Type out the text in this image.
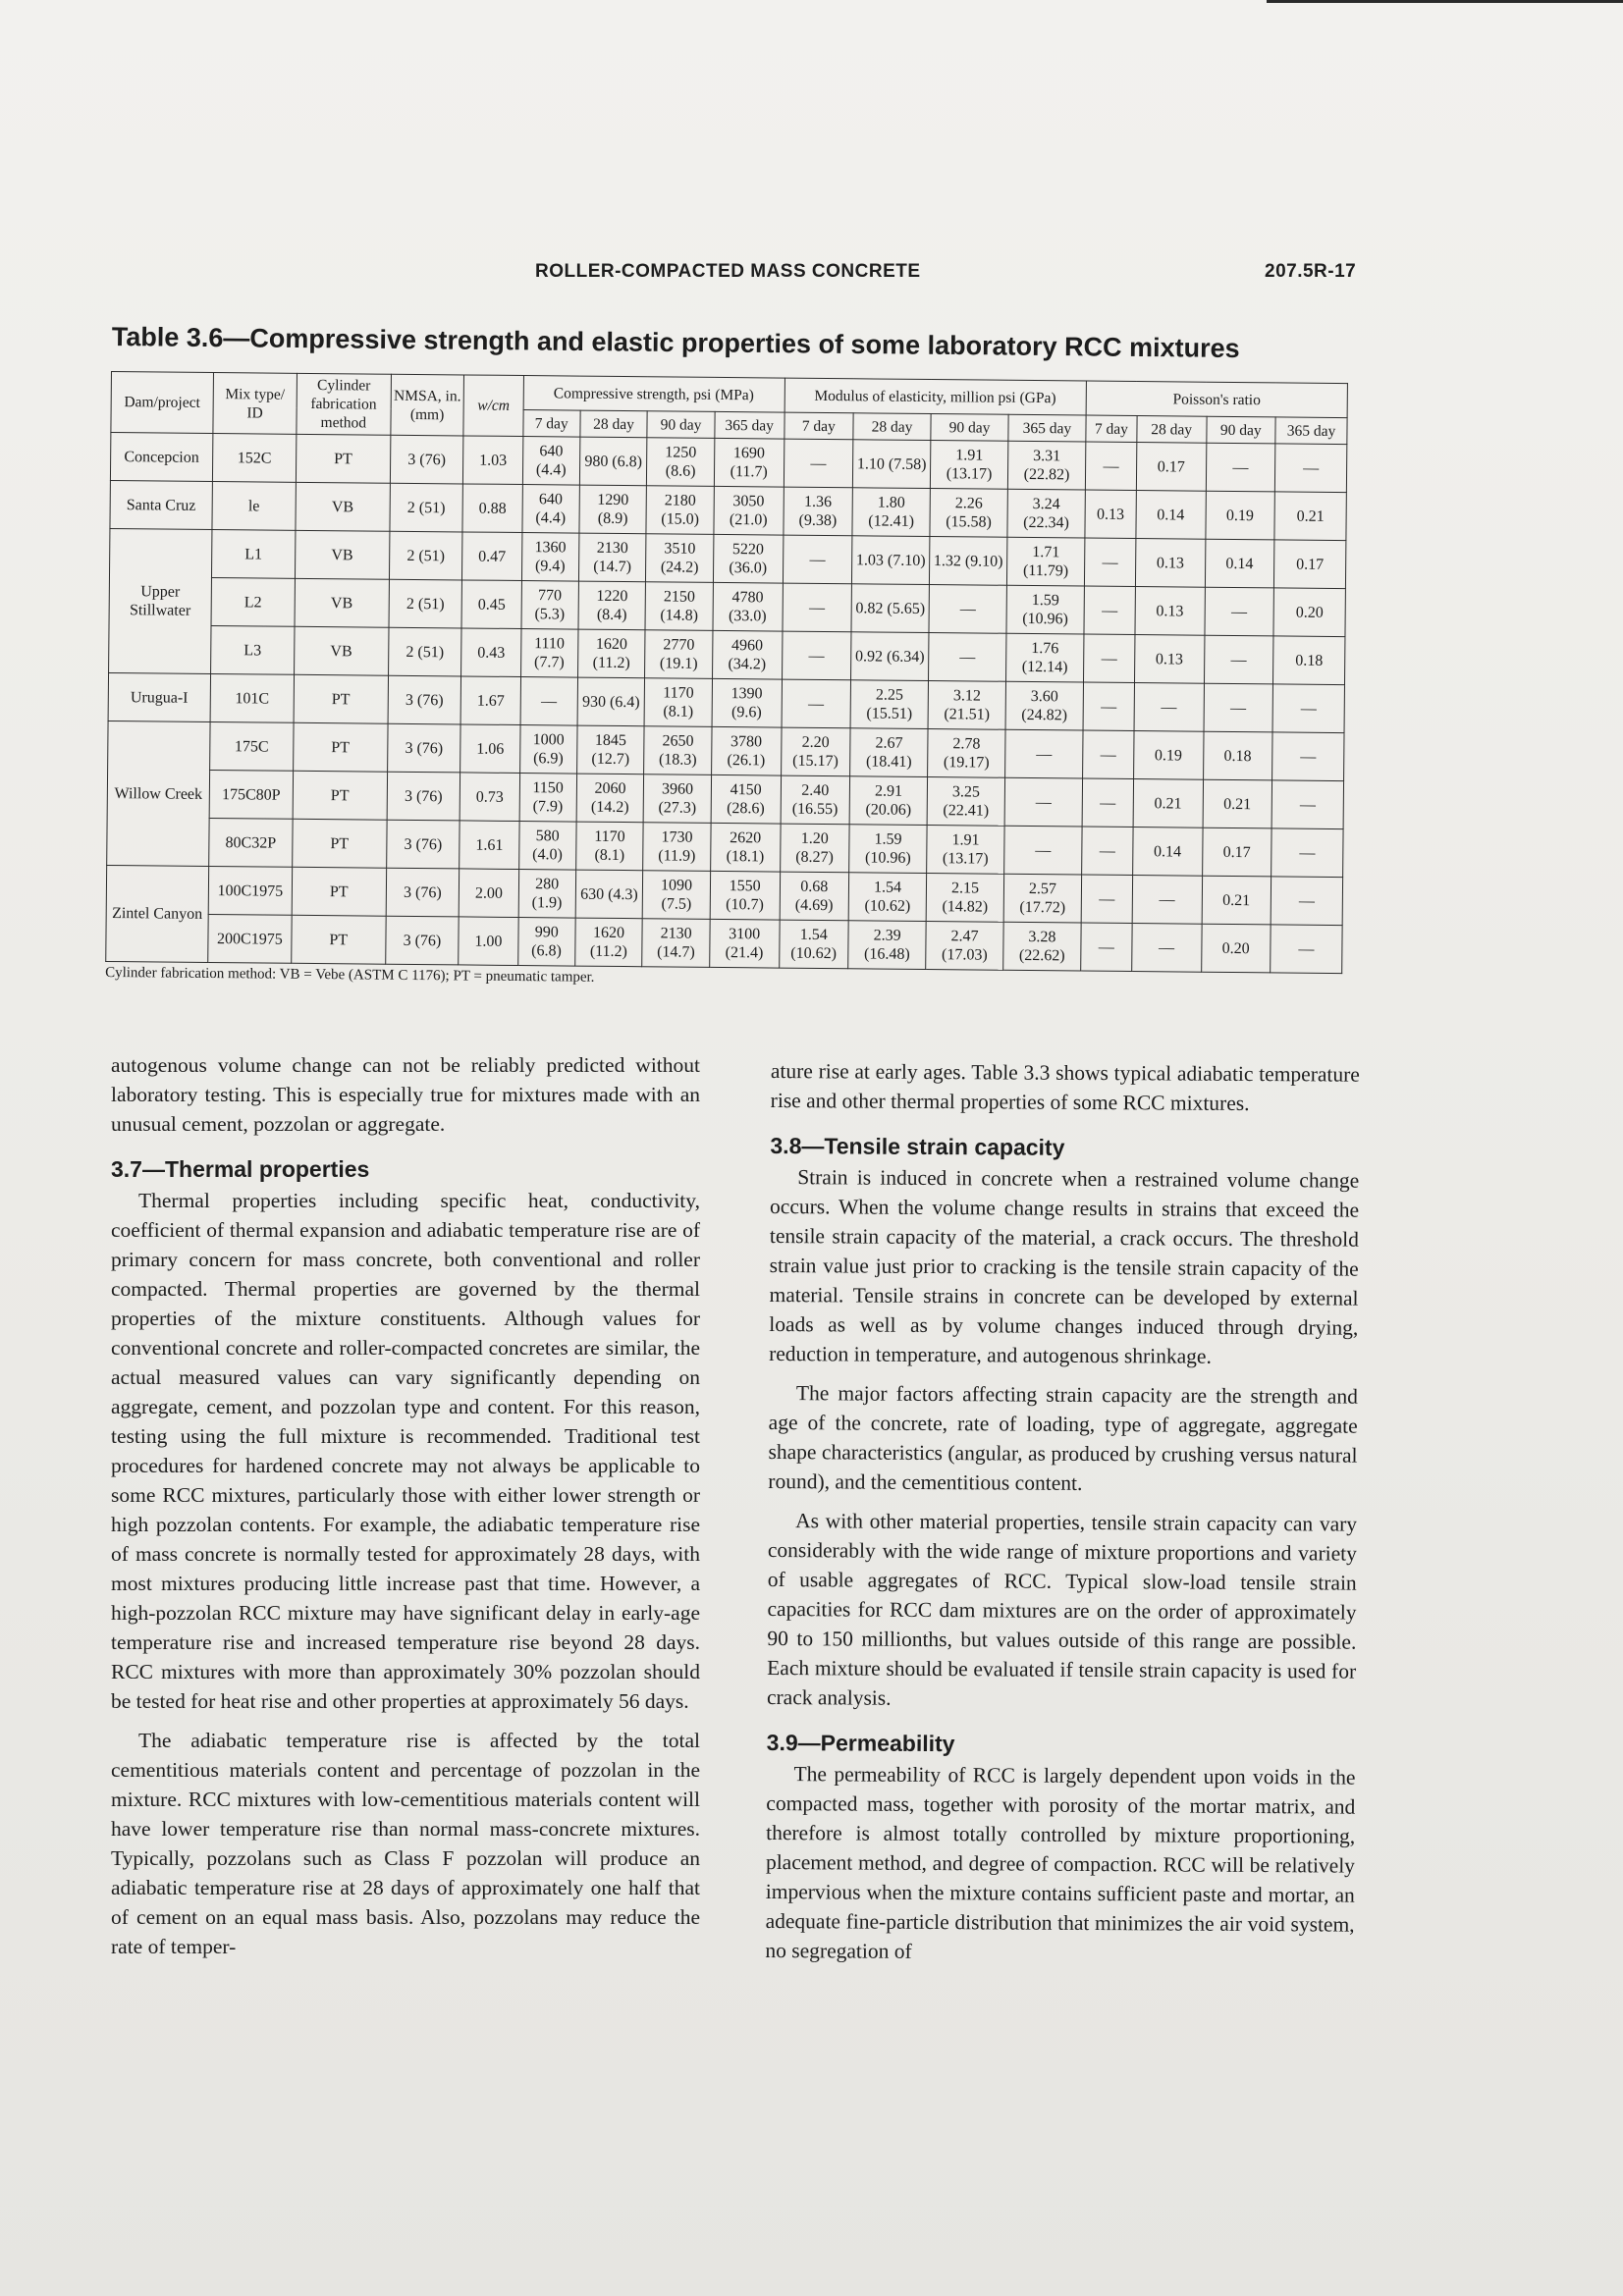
ROLLER-COMPACTED MASS CONCRETE	207.5R-17
Table 3.6—Compressive strength and elastic properties of some laboratory RCC mixtures
Dam/project	Mix type/ ID	Cylinder fabrication method	NMSA, in. (mm)	w/cm	Compressive strength, psi (MPa)				Modulus of elasticity, million psi (GPa)				Poisson's ratio			
					7 day	28 day	90 day	365 day	7 day	28 day	90 day	365 day	7 day	28 day	90 day	365 day
Concepcion	152C	PT	3 (76)	1.03	640 (4.4)	980 (6.8)	1250 (8.6)	1690 (11.7)	—	1.10 (7.58)	1.91 (13.17)	3.31 (22.82)	—	0.17	—	—
Santa Cruz	le	VB	2 (51)	0.88	640 (4.4)	1290 (8.9)	2180 (15.0)	3050 (21.0)	1.36 (9.38)	1.80 (12.41)	2.26 (15.58)	3.24 (22.34)	0.13	0.14	0.19	0.21
Upper Stillwater	L1	VB	2 (51)	0.47	1360 (9.4)	2130 (14.7)	3510 (24.2)	5220 (36.0)	—	1.03 (7.10)	1.32 (9.10)	1.71 (11.79)	—	0.13	0.14	0.17
	L2	VB	2 (51)	0.45	770 (5.3)	1220 (8.4)	2150 (14.8)	4780 (33.0)	—	0.82 (5.65)	—	1.59 (10.96)	—	0.13	—	0.20
	L3	VB	2 (51)	0.43	1110 (7.7)	1620 (11.2)	2770 (19.1)	4960 (34.2)	—	0.92 (6.34)	—	1.76 (12.14)	—	0.13	—	0.18
Urugua-I	101C	PT	3 (76)	1.67	—	930 (6.4)	1170 (8.1)	1390 (9.6)	—	2.25 (15.51)	3.12 (21.51)	3.60 (24.82)	—	—	—	—
Willow Creek	175C	PT	3 (76)	1.06	1000 (6.9)	1845 (12.7)	2650 (18.3)	3780 (26.1)	2.20 (15.17)	2.67 (18.41)	2.78 (19.17)	—	—	0.19	0.18	—
	175C80P	PT	3 (76)	0.73	1150 (7.9)	2060 (14.2)	3960 (27.3)	4150 (28.6)	2.40 (16.55)	2.91 (20.06)	3.25 (22.41)	—	—	0.21	0.21	—
	80C32P	PT	3 (76)	1.61	580 (4.0)	1170 (8.1)	1730 (11.9)	2620 (18.1)	1.20 (8.27)	1.59 (10.96)	1.91 (13.17)	—	—	0.14	0.17	—
Zintel Canyon	100C1975	PT	3 (76)	2.00	280 (1.9)	630 (4.3)	1090 (7.5)	1550 (10.7)	0.68 (4.69)	1.54 (10.62)	2.15 (14.82)	2.57 (17.72)	—	—	0.21	—
	200C1975	PT	3 (76)	1.00	990 (6.8)	1620 (11.2)	2130 (14.7)	3100 (21.4)	1.54 (10.62)	2.39 (16.48)	2.47 (17.03)	3.28 (22.62)	—	—	0.20	—
Cylinder fabrication method: VB = Vebe (ASTM C 1176); PT = pneumatic tamper.

autogenous volume change can not be reliably predicted without laboratory testing. This is especially true for mixtures made with an unusual cement, pozzolan or aggregate.

3.7—Thermal properties

Thermal properties including specific heat, conductivity, coefficient of thermal expansion and adiabatic temperature rise are of primary concern for mass concrete, both conventional and roller compacted. Thermal properties are governed by the thermal properties of the mixture constituents. Although values for conventional concrete and roller-compacted concretes are similar, the actual measured values can vary significantly depending on aggregate, cement, and pozzolan type and content. For this reason, testing using the full mixture is recommended. Traditional test procedures for hardened concrete may not always be applicable to some RCC mixtures, particularly those with either lower strength or high pozzolan contents. For example, the adiabatic temperature rise of mass concrete is normally tested for approximately 28 days, with most mixtures producing little increase past that time. However, a high-pozzolan RCC mixture may have significant delay in early-age temperature rise and increased temperature rise beyond 28 days. RCC mixtures with more than approximately 30% pozzolan should be tested for heat rise and other properties at approximately 56 days.

The adiabatic temperature rise is affected by the total cementitious materials content and percentage of pozzolan in the mixture. RCC mixtures with low-cementitious materials content will have lower temperature rise than normal mass-concrete mixtures. Typically, pozzolans such as Class F pozzolan will produce an adiabatic temperature rise at 28 days of approximately one half that of cement on an equal mass basis. Also, pozzolans may reduce the rate of temper-

ature rise at early ages. Table 3.3 shows typical adiabatic temperature rise and other thermal properties of some RCC mixtures.

3.8—Tensile strain capacity

Strain is induced in concrete when a restrained volume change occurs. When the volume change results in strains that exceed the tensile strain capacity of the material, a crack occurs. The threshold strain value just prior to cracking is the tensile strain capacity of the material. Tensile strains in concrete can be developed by external loads as well as by volume changes induced through drying, reduction in temperature, and autogenous shrinkage.

The major factors affecting strain capacity are the strength and age of the concrete, rate of loading, type of aggregate, aggregate shape characteristics (angular, as produced by crushing versus natural round), and the cementitious content.

As with other material properties, tensile strain capacity can vary considerably with the wide range of mixture proportions and variety of usable aggregates of RCC. Typical slow-load tensile strain capacities for RCC dam mixtures are on the order of approximately 90 to 150 millionths, but values outside of this range are possible. Each mixture should be evaluated if tensile strain capacity is used for crack analysis.

3.9—Permeability

The permeability of RCC is largely dependent upon voids in the compacted mass, together with porosity of the mortar matrix, and therefore is almost totally controlled by mixture proportioning, placement method, and degree of compaction. RCC will be relatively impervious when the mixture contains sufficient paste and mortar, an adequate fine-particle distribution that minimizes the air void system, no segregation of
